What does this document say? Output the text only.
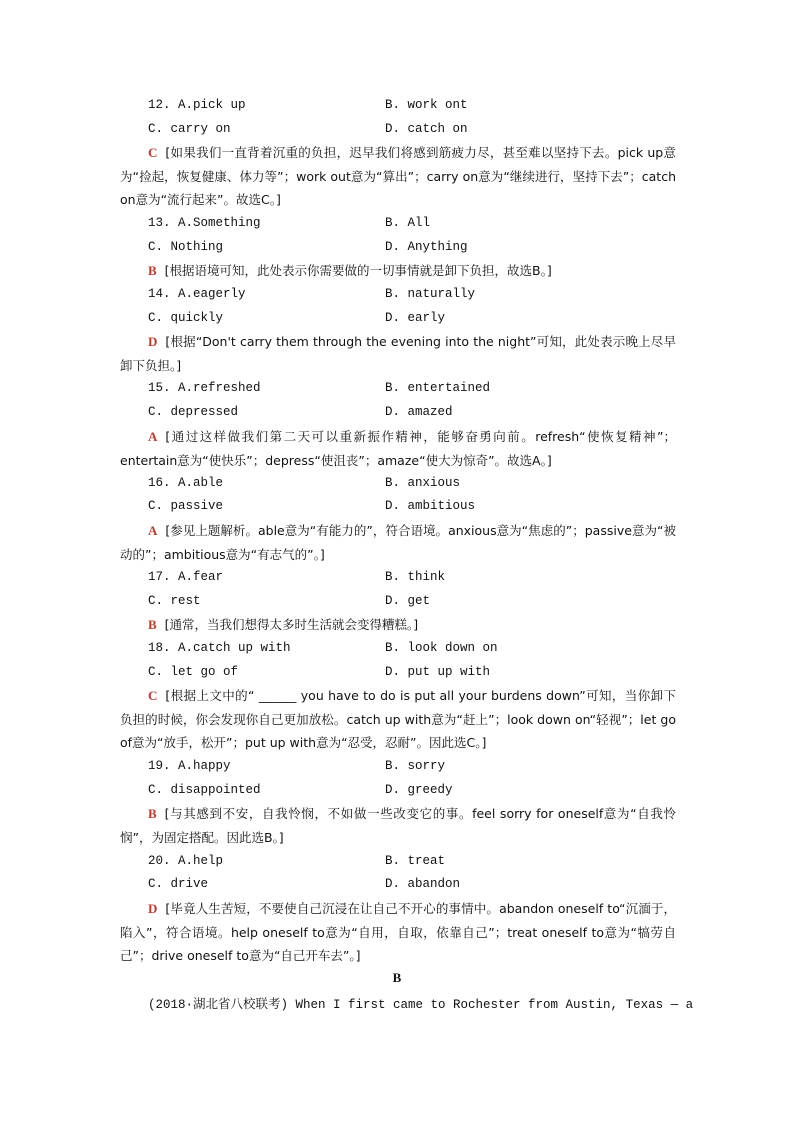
12. A.pick up	B. work ont
C. carry on	D. catch on
C [如果我们一直背着沉重的负担，迟早我们将感到筋疲力尽，甚至难以坚持下去。pick up意为“捡起，恢复健康、体力等”；work out意为“算出”；carry on意为“继续进行，坚持下去”；catch on意为“流行起来”。故选C。]
13. A.Something	B. All
C. Nothing	D. Anything
B [根据语境可知，此处表示你需要做的一切事情就是卸下负担，故选B。]
14. A.eagerly	B. naturally
C. quickly	D. early
D [根据“Don't carry them through the evening into the night”可知，此处表示晚上尽早卸下负担。]
15. A.refreshed	B. entertained
C. depressed	D. amazed
A [通过这样做我们第二天可以重新振作精神，能够奋勇向前。refresh“使恢复精神”；entertain意为“使快乐”；depress“使沮丧”；amaze“使大为惊奇”。故选A。]
16. A.able	B. anxious
C. passive	D. ambitious
A [参见上题解析。able意为“有能力的”，符合语境。anxious意为“焦虑的”；passive意为“被动的”；ambitious意为“有志气的”。]
17. A.fear	B. think
C. rest	D. get
B [通常，当我们想得太多时生活就会变得糟糕。]
18. A.catch up with	B. look down on
C. let go of	D. put up with
C [根据上文中的“ ______ you have to do is put all your burdens down”可知，当你卸下负担的时候，你会发现你自己更加放松。catch up with意为“赶上”；look down on“轻视”；let go of意为“放手，松开”；put up with意为“忍受，忍耐”。因此选C。]
19. A.happy	B. sorry
C. disappointed	D. greedy
B [与其感到不安，自我怜悯，不如做一些改变它的事。feel sorry for oneself意为“自我怜悯”，为固定搭配。因此选B。]
20. A.help	B. treat
C. drive	D. abandon
D [毕竟人生苦短，不要使自己沉浸在让自己不开心的事情中。abandon oneself to“沉湎于，陷入”，符合语境。help oneself to意为“自用，自取，依靠自己”；treat oneself to意为“犒劳自己”；drive oneself to意为“自己开车去”。]
B
(2018·湖北省八校联考) When I first came to Rochester from Austin, Texas — a
